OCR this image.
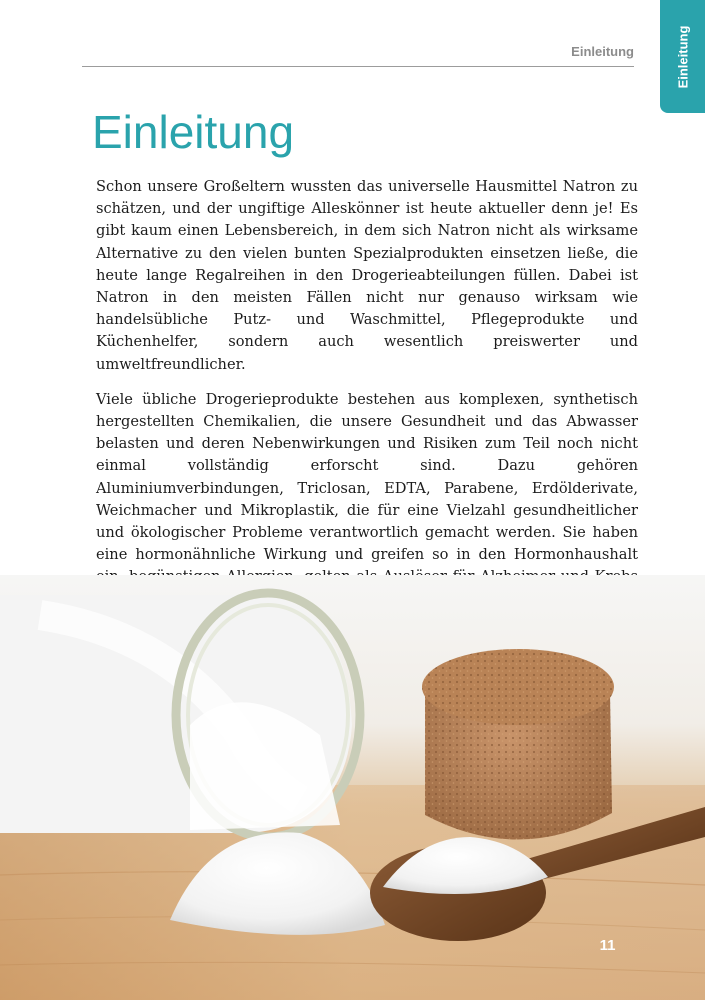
Einleitung	Einleitung
Einleitung

Schon unsere Großeltern wussten das universelle Hausmittel Natron zu schätzen, und der ungiftige Alleskönner ist heute aktueller denn je! Es gibt kaum einen Lebensbereich, in dem sich Natron nicht als wirksame Alternative zu den vielen bunten Spezialprodukten einsetzen ließe, die heute lange Regalreihen in den Drogerieabteilungen füllen. Dabei ist Natron in den meisten Fällen nicht nur genauso wirksam wie handelsübliche Putz- und Waschmittel, Pflegeprodukte und Küchenhelfer, sondern auch wesentlich preiswerter und umweltfreundlicher.

Viele übliche Drogerieprodukte bestehen aus komplexen, synthetisch hergestellten Chemikalien, die unsere Gesundheit und das Abwasser belasten und deren Nebenwirkungen und Risiken zum Teil noch nicht einmal vollständig erforscht sind. Dazu gehören Aluminiumverbindungen, Triclosan, EDTA, Parabene, Erdölderivate, Weichmacher und Mikroplastik, die für eine Vielzahl gesundheitlicher und ökologischer Probleme verantwortlich gemacht werden. Sie haben eine hormonähnliche Wirkung und greifen so in den Hormonhaushalt

11
